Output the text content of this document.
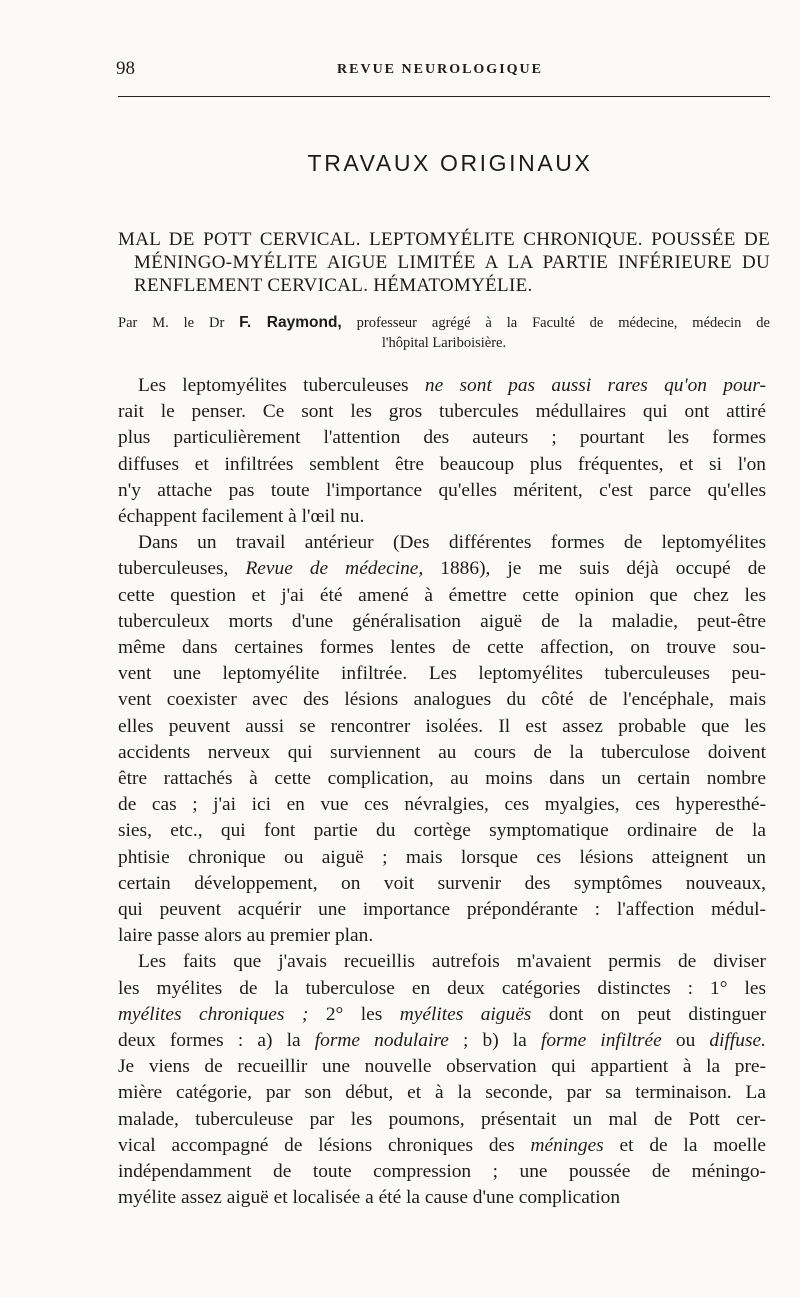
98	REVUE NEUROLOGIQUE
TRAVAUX ORIGINAUX
MAL DE POTT CERVICAL. LEPTOMYÉLITE CHRONIQUE. POUSSÉE DE
MÉNINGO-MYÉLITE AIGUE LIMITÉE A LA PARTIE INFÉRIEURE DU
RENFLEMENT CERVICAL. HÉMATOMYÉLIE.
Par M. le Dr F. Raymond, professeur agrégé à la Faculté de médecine, médecin de
l'hôpital Lariboisière.
Les leptomyélites tuberculeuses ne sont pas aussi rares qu'on pour-
rait le penser. Ce sont les gros tubercules médullaires qui ont attiré
plus particulièrement l'attention des auteurs ; pourtant les formes
diffuses et infiltrées semblent être beaucoup plus fréquentes, et si l'on
n'y attache pas toute l'importance qu'elles méritent, c'est parce qu'elles
échappent facilement à l'œil nu.
Dans un travail antérieur (Des différentes formes de leptomyélites
tuberculeuses, Revue de médecine, 1886), je me suis déjà occupé de
cette question et j'ai été amené à émettre cette opinion que chez les
tuberculeux morts d'une généralisation aiguë de la maladie, peut-être
même dans certaines formes lentes de cette affection, on trouve sou-
vent une leptomyélite infiltrée. Les leptomyélites tuberculeuses peu-
vent coexister avec des lésions analogues du côté de l'encéphale, mais
elles peuvent aussi se rencontrer isolées. Il est assez probable que les
accidents nerveux qui surviennent au cours de la tuberculose doivent
être rattachés à cette complication, au moins dans un certain nombre
de cas ; j'ai ici en vue ces névralgies, ces myalgies, ces hyperesthé-
sies, etc., qui font partie du cortège symptomatique ordinaire de la
phtisie chronique ou aiguë ; mais lorsque ces lésions atteignent un
certain développement, on voit survenir des symptômes nouveaux,
qui peuvent acquérir une importance prépondérante : l'affection médul-
laire passe alors au premier plan.
Les faits que j'avais recueillis autrefois m'avaient permis de diviser
les myélites de la tuberculose en deux catégories distinctes : 1° les
myélites chroniques ; 2° les myélites aiguës dont on peut distinguer
deux formes : a) la forme nodulaire ; b) la forme infiltrée ou diffuse.
Je viens de recueillir une nouvelle observation qui appartient à la pre-
mière catégorie, par son début, et à la seconde, par sa terminaison. La
malade, tuberculeuse par les poumons, présentait un mal de Pott cer-
vical accompagné de lésions chroniques des méninges et de la moelle
indépendamment de toute compression ; une poussée de méningo-
myélite assez aiguë et localisée a été la cause d'une complication
